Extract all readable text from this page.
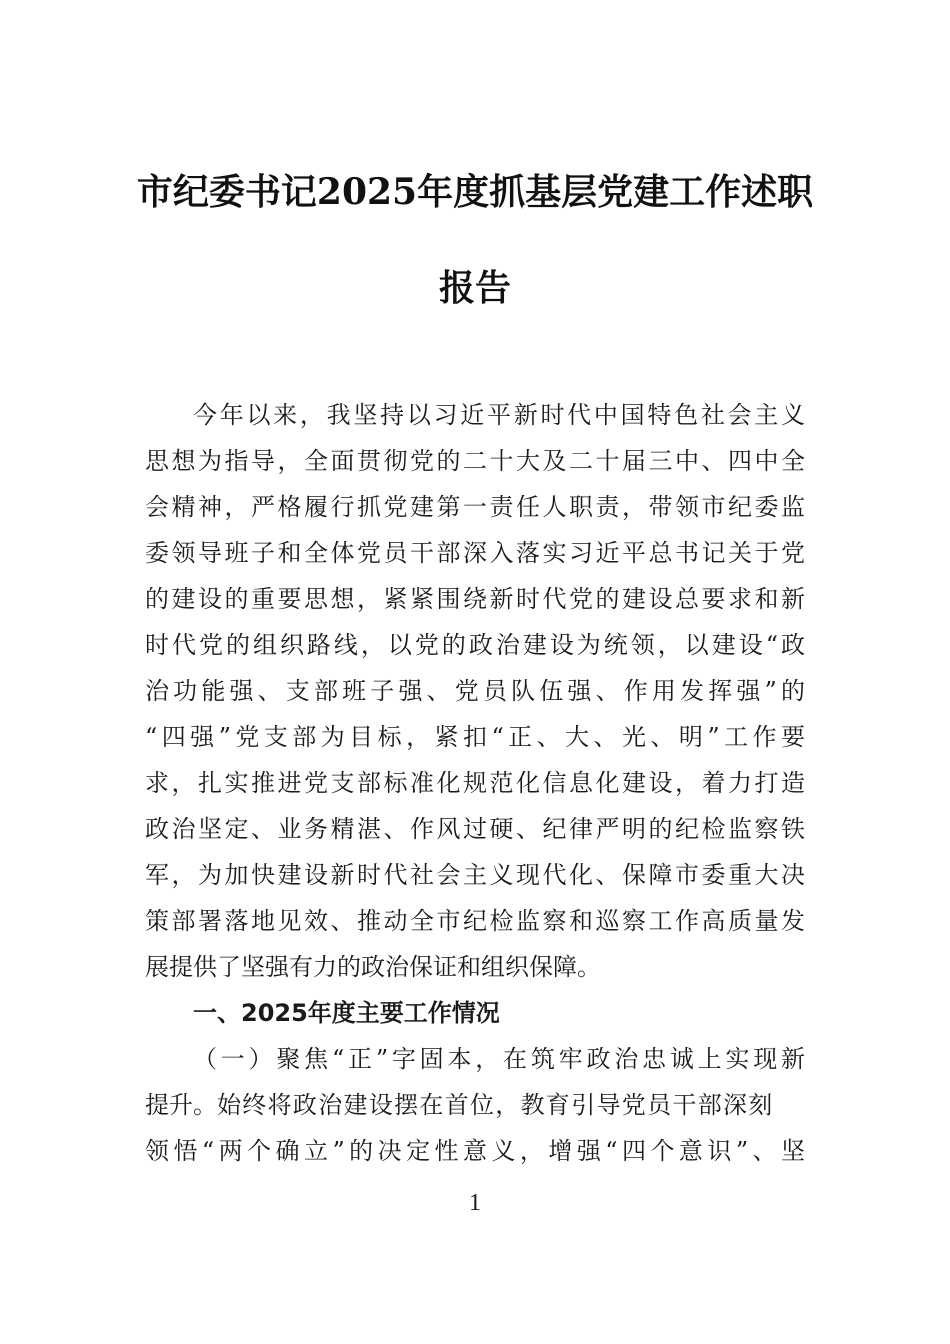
市纪委书记2025年度抓基层党建工作述职
报告
今年以来，我坚持以习近平新时代中国特色社会主义
思想为指导，全面贯彻党的二十大及二十届三中、四中全
会精神，严格履行抓党建第一责任人职责，带领市纪委监
委领导班子和全体党员干部深入落实习近平总书记关于党
的建设的重要思想，紧紧围绕新时代党的建设总要求和新
时代党的组织路线，以党的政治建设为统领，以建设“政
治功能强、支部班子强、党员队伍强、作用发挥强”的
“四强”党支部为目标，紧扣“正、大、光、明”工作要
求，扎实推进党支部标准化规范化信息化建设，着力打造
政治坚定、业务精湛、作风过硬、纪律严明的纪检监察铁
军，为加快建设新时代社会主义现代化、保障市委重大决
策部署落地见效、推动全市纪检监察和巡察工作高质量发
展提供了坚强有力的政治保证和组织保障。
一、2025年度主要工作情况
（一）聚焦“正”字固本，在筑牢政治忠诚上实现新
提升。始终将政治建设摆在首位，教育引导党员干部深刻
领悟“两个确立”的决定性意义，增强“四个意识”、坚
1
